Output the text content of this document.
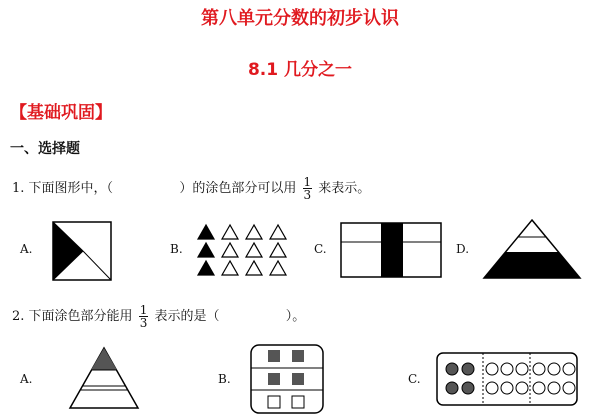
第八单元分数的初步认识
8.1 几分之一
【基础巩固】
一、选择题
1. 下面图形中，（	）的涂色部分可以用 $\frac{1}{3}$ 来表示。
A.	B.	C.	D.
2. 下面涂色部分能用 $\frac{1}{3}$ 表示的是（	）。
A.	B.	C.
